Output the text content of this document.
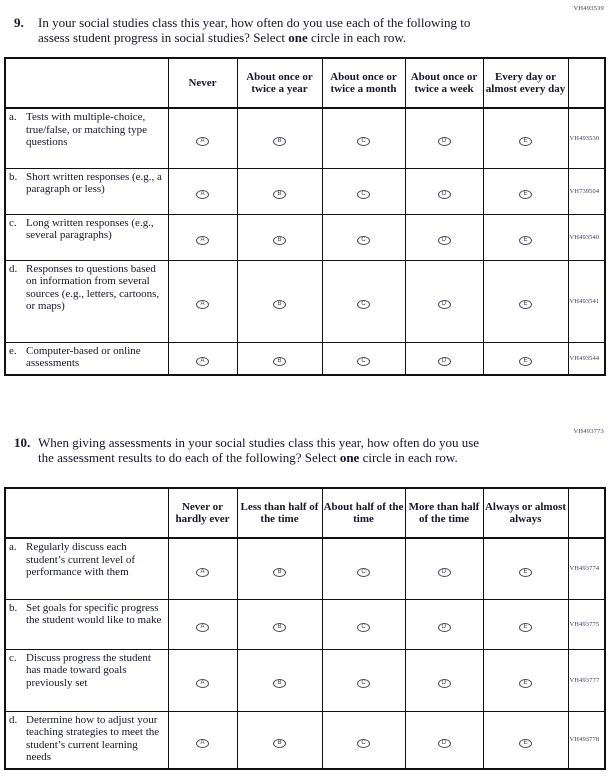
VH493539
9.	In your social studies class this year, how often do you use each of the following to
assess student progress in social studies? Select one circle in each row.
	Never	About once or twice a year	About once or twice a month	About once or twice a week	Every day or almost every day	

a. Tests with multiple-choice, true/false, or matching type questions	A	B	C	D	E	VH493530

b. Short written responses (e.g., a paragraph or less)	A	B	C	D	E	VH739504

c. Long written responses (e.g., several paragraphs)	A	B	C	D	E	VH493540

d. Responses to questions based on information from several sources (e.g., letters, cartoons, or maps)	A	B	C	D	E	VH493541

e. Computer-based or online assessments	A	B	C	D	E	VH493544
VH493773
10. When giving assessments in your social studies class this year, how often do you use
the assessment results to do each of the following? Select one circle in each row.
	Never or hardly ever	Less than half of the time	About half of the time	More than half of the time	Always or almost always	

a. Regularly discuss each student’s current level of performance with them	A	B	C	D	E	VH493774

b. Set goals for specific progress the student would like to make	A	B	C	D	E	VH493775

c. Discuss progress the student has made toward goals previously set	A	B	C	D	E	VH493777

d. Determine how to adjust your teaching strategies to meet the student’s current learning needs	A	B	C	D	E	VH493778
